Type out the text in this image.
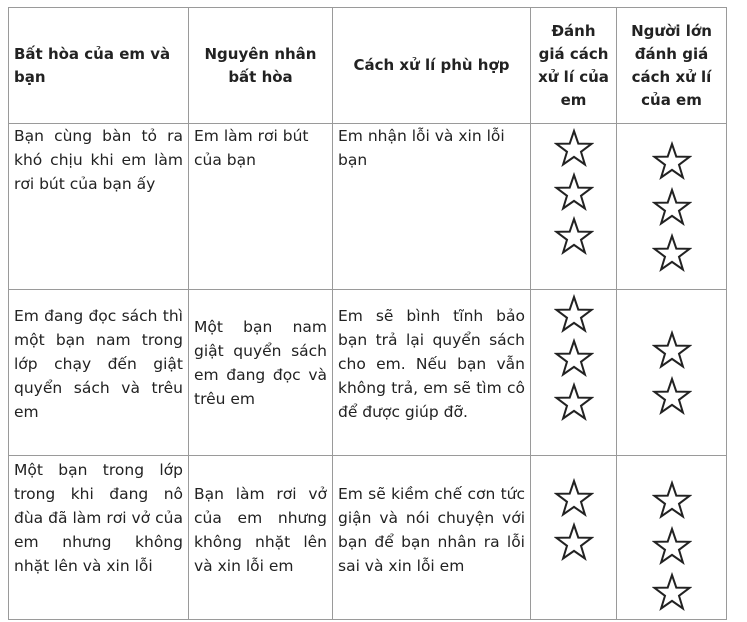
Bất hòa của em và bạn	Nguyên nhân bất hòa	Cách xử lí phù hợp	Đánh giá cách xử lí của em	Người lớn đánh giá cách xử lí của em
Bạn cùng bàn tỏ ra khó chịu khi em làm rơi bút của bạn ấy	Em làm rơi bút của bạn	Em nhận lỗi và xin lỗi bạn	

Em đang đọc sách thì một bạn nam trong lớp chạy đến giật quyển sách và trêu em	Một bạn nam giật quyển sách em đang đọc và trêu em	Em sẽ bình tĩnh bảo bạn trả lại quyển sách cho em. Nếu bạn vẫn không trả, em sẽ tìm cô để được giúp đỡ.	

Một bạn trong lớp trong khi đang nô đùa đã làm rơi vở của em nhưng không nhặt lên và xin lỗi	Bạn làm rơi vở của em nhưng không nhặt lên và xin lỗi em	Em sẽ kiềm chế cơn tức giận và nói chuyện với bạn để bạn nhân ra lỗi sai và xin lỗi em	
